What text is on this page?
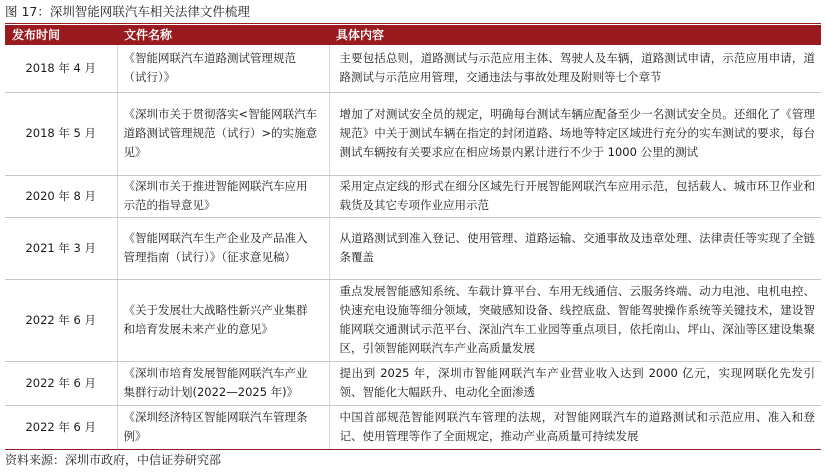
图 17：深圳智能网联汽车相关法律文件梳理
发布时间	文件名称	具体内容
2018 年 4 月	《智能网联汽车道路测试管理规范（试行）》	主要包括总则，道路测试与示范应用主体、驾驶人及车辆，道路测试申请，示范应用申请，道路测试与示范应用管理，交通违法与事故处理及附则等七个章节
2018 年 5 月	《深圳市关于贯彻落实<智能网联汽车道路测试管理规范（试行）>的实施意见》	增加了对测试安全员的规定，明确每台测试车辆应配备至少一名测试安全员。还细化了《管理规范》中关于测试车辆在指定的封闭道路、场地等特定区域进行充分的实车测试的要求，每台测试车辆按有关要求应在相应场景内累计进行不少于 1000 公里的测试
2020 年 8 月	《深圳市关于推进智能网联汽车应用示范的指导意见》	采用定点定线的形式在细分区域先行开展智能网联汽车应用示范，包括载人、城市环卫作业和载货及其它专项作业应用示范
2021 年 3 月	《智能网联汽车生产企业及产品准入管理指南（试行）》（征求意见稿）	从道路测试到准入登记、使用管理、道路运输、交通事故及违章处理、法律责任等实现了全链条覆盖
2022 年 6 月	《关于发展壮大战略性新兴产业集群和培育发展未来产业的意见》	重点发展智能感知系统、车载计算平台、车用无线通信、云服务终端、动力电池、电机电控、快速充电设施等细分领域，突破感知设备、线控底盘、智能驾驶操作系统等关键技术，建设智能网联交通测试示范平台、深汕汽车工业园等重点项目，依托南山、坪山、深汕等区建设集聚区，引领智能网联汽车产业高质量发展
2022 年 6 月	《深圳市培育发展智能网联汽车产业集群行动计划(2022—2025 年)》	提出到 2025 年，深圳市智能网联汽车产业营业收入达到 2000 亿元，实现网联化先发引领、智能化大幅跃升、电动化全面渗透
2022 年 6 月	《深圳经济特区智能网联汽车管理条例》	中国首部规范智能网联汽车管理的法规，对智能网联汽车的道路测试和示范应用、准入和登记、使用管理等作了全面规定，推动产业高质量可持续发展
资料来源：深圳市政府，中信证券研究部
